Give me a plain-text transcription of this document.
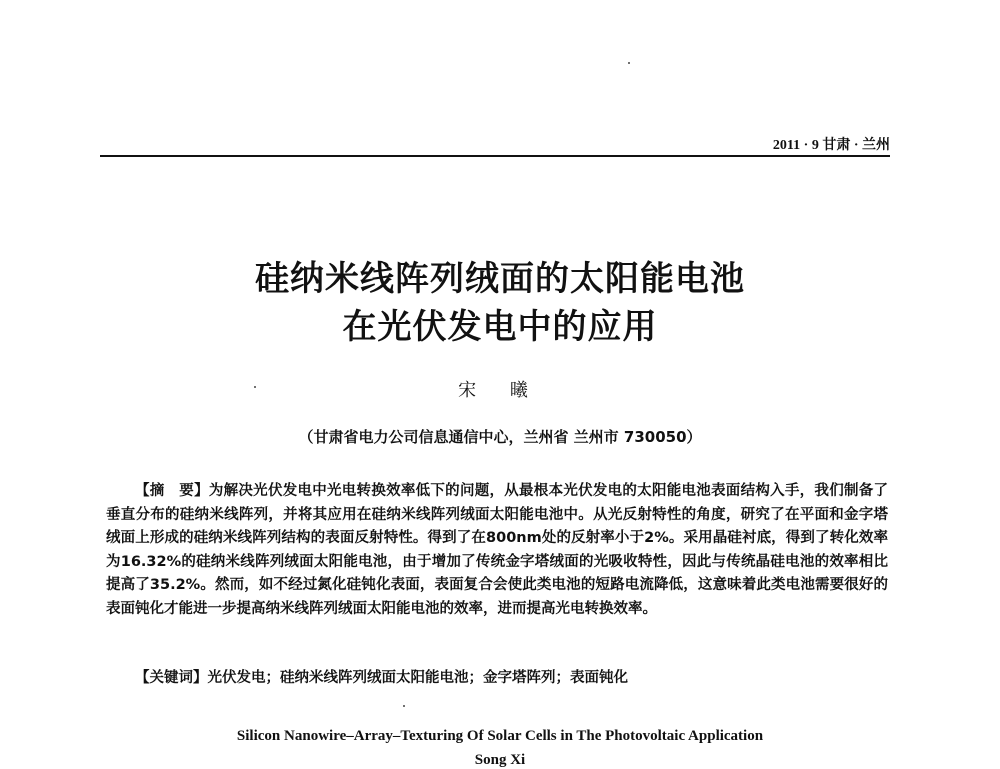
2011 · 9 甘肃 · 兰州
硅纳米线阵列绒面的太阳能电池
在光伏发电中的应用
宋 曦
（甘肃省电力公司信息通信中心，兰州省 兰州市 730050）
【摘　要】为解决光伏发电中光电转换效率低下的问题，从最根本光伏发电的太阳能电池表面结构入手，我们制备了垂直分布的硅纳米线阵列，并将其应用在硅纳米线阵列绒面太阳能电池中。从光反射特性的角度，研究了在平面和金字塔绒面上形成的硅纳米线阵列结构的表面反射特性。得到了在800nm处的反射率小于2%。采用晶硅衬底，得到了转化效率为16.32%的硅纳米线阵列绒面太阳能电池，由于增加了传统金字塔绒面的光吸收特性，因此与传统晶硅电池的效率相比提高了35.2%。然而，如不经过氮化硅钝化表面，表面复合会使此类电池的短路电流降低，这意味着此类电池需要很好的表面钝化才能进一步提高纳米线阵列绒面太阳能电池的效率，进而提高光电转换效率。
【关键词】光伏发电；硅纳米线阵列绒面太阳能电池；金字塔阵列；表面钝化
Silicon Nanowire–Array–Texturing Of Solar Cells in The Photovoltaic Application
Song Xi
